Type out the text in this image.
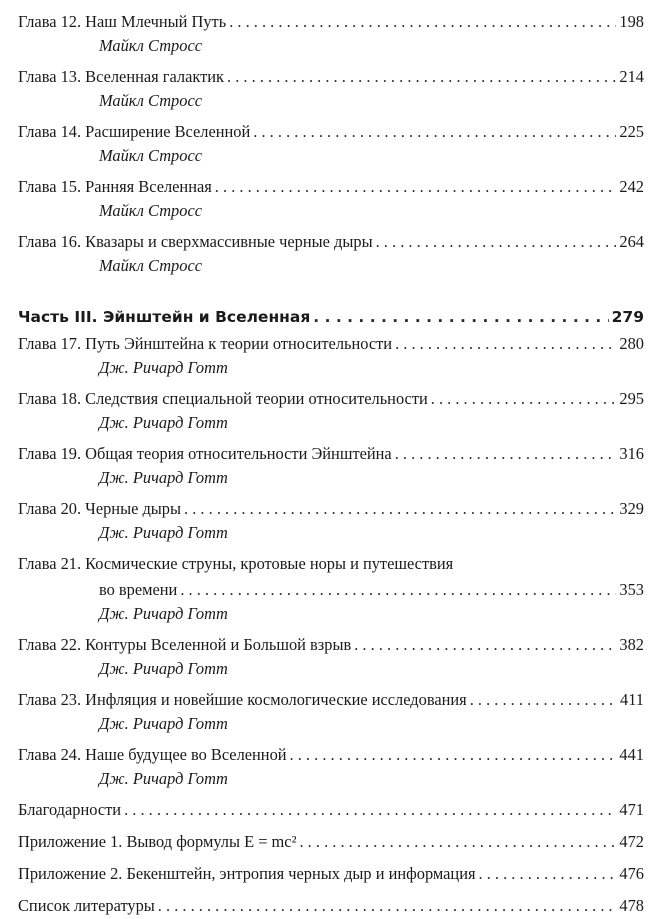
Глава 12. Наш Млечный Путь . . .	198
Майкл Стросс
Глава 13. Вселенная галактик . . .	214
Майкл Стросс
Глава 14. Расширение Вселенной . . .	225
Майкл Стросс
Глава 15. Ранняя Вселенная . . .	242
Майкл Стросс
Глава 16. Квазары и сверхмассивные черные дыры . . .	264
Майкл Стросс
Часть III. Эйнштейн и Вселенная . . .	279
Глава 17. Путь Эйнштейна к теории относительности . . .	280
Дж. Ричард Готт
Глава 18. Следствия специальной теории относительности . . .	295
Дж. Ричард Готт
Глава 19. Общая теория относительности Эйнштейна . . .	316
Дж. Ричард Готт
Глава 20. Черные дыры . . .	329
Дж. Ричард Готт
Глава 21. Космические струны, кротовые норы и путешествия
во времени . . .	353
Дж. Ричард Готт
Глава 22. Контуры Вселенной и Большой взрыв . . .	382
Дж. Ричард Готт
Глава 23. Инфляция и новейшие космологические исследования . . .	411
Дж. Ричард Готт
Глава 24. Наше будущее во Вселенной . . .	441
Дж. Ричард Готт
Благодарности . . .	471
Приложение 1. Вывод формулы E = mc² . . .	472
Приложение 2. Бекенштейн, энтропия черных дыр и информация . . .	476
Список литературы . . .	478
